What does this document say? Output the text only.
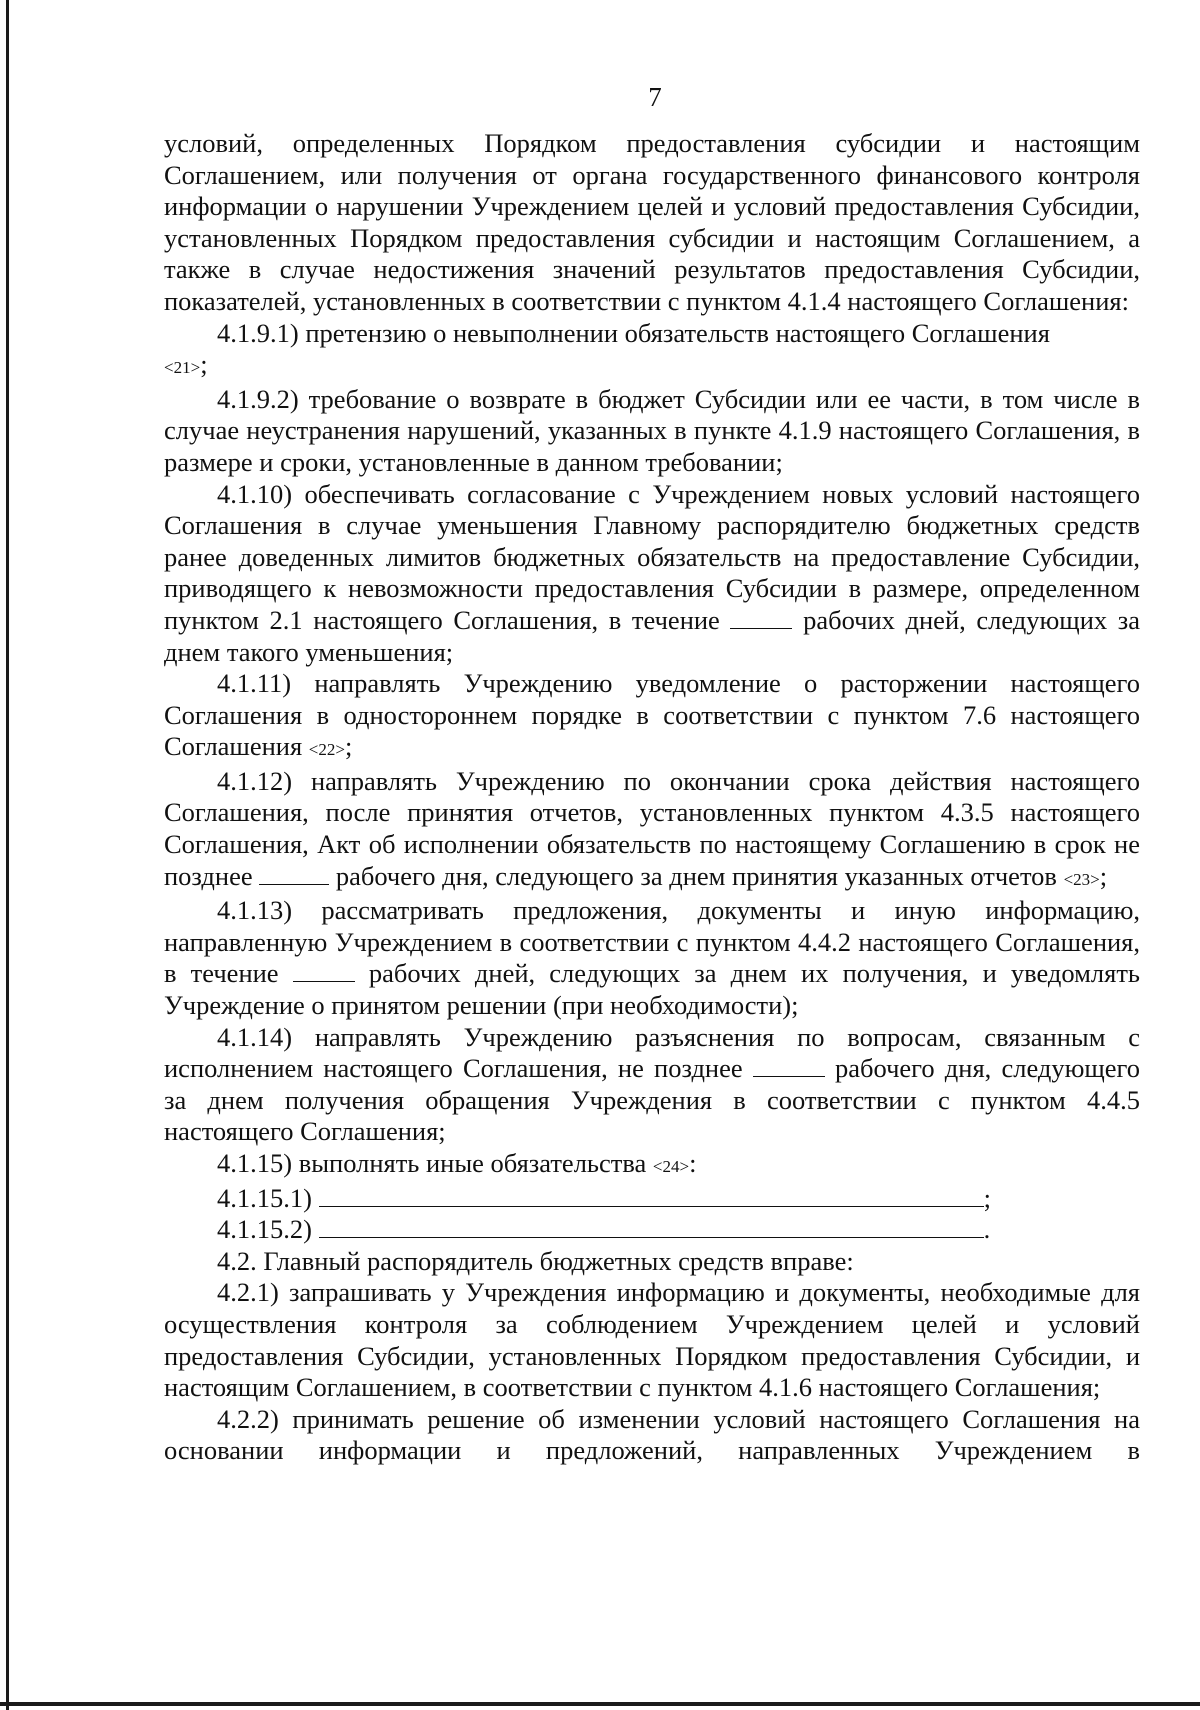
7

условий, определенных Порядком предоставления субсидии и настоящим Соглашением, или получения от органа государственного финансового контроля информации о нарушении Учреждением целей и условий предоставления Субсидии, установленных Порядком предоставления субсидии и настоящим Соглашением, а также в случае недостижения значений результатов предоставления Субсидии, показателей, установленных в соответствии с пунктом 4.1.4 настоящего Соглашения:

4.1.9.1) претензию о невыполнении обязательств настоящего Соглашения
<21>;

4.1.9.2) требование о возврате в бюджет Субсидии или ее части, в том числе в случае неустранения нарушений, указанных в пункте 4.1.9 настоящего Соглашения, в размере и сроки, установленные в данном требовании;

4.1.10) обеспечивать согласование с Учреждением новых условий настоящего Соглашения в случае уменьшения Главному распорядителю бюджетных средств ранее доведенных лимитов бюджетных обязательств на предоставление Субсидии, приводящего к невозможности предоставления Субсидии в размере, определенном пунктом 2.1 настоящего Соглашения, в течение	рабочих дней, следующих за днем такого уменьшения;

4.1.11) направлять Учреждению уведомление о расторжении настоящего Соглашения в одностороннем порядке в соответствии с пунктом 7.6 настоящего Соглашения <22>;

4.1.12) направлять Учреждению по окончании срока действия настоящего Соглашения, после принятия отчетов, установленных пунктом 4.3.5 настоящего Соглашения, Акт об исполнении обязательств по настоящему Соглашению в срок не позднее	рабочего дня, следующего за днем принятия указанных отчетов <23>;

4.1.13) рассматривать предложения, документы и иную информацию, направленную Учреждением в соответствии с пунктом 4.4.2 настоящего Соглашения, в течение	рабочих дней, следующих за днем их получения, и уведомлять Учреждение о принятом решении (при необходимости);

4.1.14) направлять Учреждению разъяснения по вопросам, связанным с исполнением настоящего Соглашения, не позднее	рабочего дня, следующего за днем получения обращения Учреждения в соответствии с пунктом 4.4.5 настоящего Соглашения;

4.1.15) выполнять иные обязательства <24>:

4.1.15.1)	;

4.1.15.2)	.

4.2. Главный распорядитель бюджетных средств вправе:

4.2.1) запрашивать у Учреждения информацию и документы, необходимые для осуществления контроля за соблюдением Учреждением целей и условий предоставления Субсидии, установленных Порядком предоставления Субсидии, и настоящим Соглашением, в соответствии с пунктом 4.1.6 настоящего Соглашения;

4.2.2) принимать решение об изменении условий настоящего Соглашения на основании информации и предложений, направленных Учреждением в
